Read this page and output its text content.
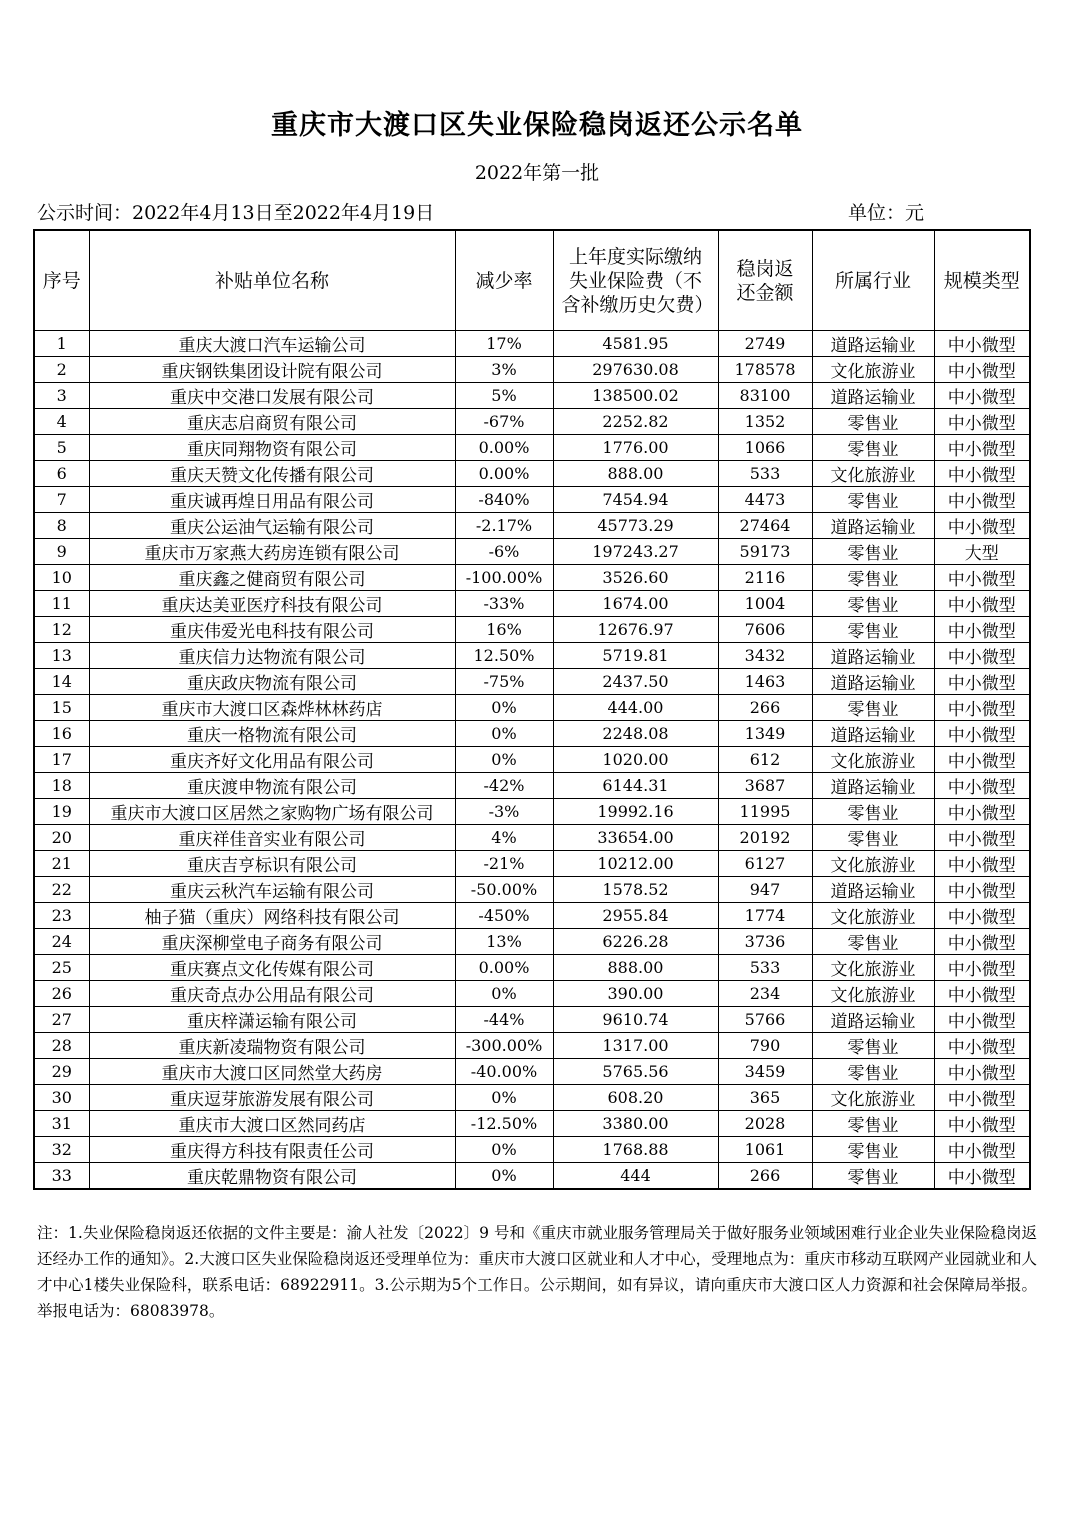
重庆市大渡口区失业保险稳岗返还公示名单
2022年第一批
公示时间：2022年4月13日至2022年4月19日	单位：元
序号	补贴单位名称	减少率	上年度实际缴纳失业保险费（不含补缴历史欠费）	稳岗返还金额	所属行业	规模类型
1	重庆大渡口汽车运输公司	17%	4581.95	2749	道路运输业	中小微型
2	重庆钢铁集团设计院有限公司	3%	297630.08	178578	文化旅游业	中小微型
3	重庆中交港口发展有限公司	5%	138500.02	83100	道路运输业	中小微型
4	重庆志启商贸有限公司	-67%	2252.82	1352	零售业	中小微型
5	重庆同翔物资有限公司	0.00%	1776.00	1066	零售业	中小微型
6	重庆天赞文化传播有限公司	0.00%	888.00	533	文化旅游业	中小微型
7	重庆诚再煌日用品有限公司	-840%	7454.94	4473	零售业	中小微型
8	重庆公运油气运输有限公司	-2.17%	45773.29	27464	道路运输业	中小微型
9	重庆市万家燕大药房连锁有限公司	-6%	197243.27	59173	零售业	大型
10	重庆鑫之健商贸有限公司	-100.00%	3526.60	2116	零售业	中小微型
11	重庆达美亚医疗科技有限公司	-33%	1674.00	1004	零售业	中小微型
12	重庆伟爱光电科技有限公司	16%	12676.97	7606	零售业	中小微型
13	重庆信力达物流有限公司	12.50%	5719.81	3432	道路运输业	中小微型
14	重庆政庆物流有限公司	-75%	2437.50	1463	道路运输业	中小微型
15	重庆市大渡口区森烨林林药店	0%	444.00	266	零售业	中小微型
16	重庆一格物流有限公司	0%	2248.08	1349	道路运输业	中小微型
17	重庆齐好文化用品有限公司	0%	1020.00	612	文化旅游业	中小微型
18	重庆渡申物流有限公司	-42%	6144.31	3687	道路运输业	中小微型
19	重庆市大渡口区居然之家购物广场有限公司	-3%	19992.16	11995	零售业	中小微型
20	重庆祥佳音实业有限公司	4%	33654.00	20192	零售业	中小微型
21	重庆吉亨标识有限公司	-21%	10212.00	6127	文化旅游业	中小微型
22	重庆云秋汽车运输有限公司	-50.00%	1578.52	947	道路运输业	中小微型
23	柚子猫（重庆）网络科技有限公司	-450%	2955.84	1774	文化旅游业	中小微型
24	重庆深柳堂电子商务有限公司	13%	6226.28	3736	零售业	中小微型
25	重庆赛点文化传媒有限公司	0.00%	888.00	533	文化旅游业	中小微型
26	重庆奇点办公用品有限公司	0%	390.00	234	文化旅游业	中小微型
27	重庆梓潇运输有限公司	-44%	9610.74	5766	道路运输业	中小微型
28	重庆新凌瑞物资有限公司	-300.00%	1317.00	790	零售业	中小微型
29	重庆市大渡口区同然堂大药房	-40.00%	5765.56	3459	零售业	中小微型
30	重庆逗芽旅游发展有限公司	0%	608.20	365	文化旅游业	中小微型
31	重庆市大渡口区然同药店	-12.50%	3380.00	2028	零售业	中小微型
32	重庆得方科技有限责任公司	0%	1768.88	1061	零售业	中小微型
33	重庆乾鼎物资有限公司	0%	444	266	零售业	中小微型
注：1.失业保险稳岗返还依据的文件主要是：渝人社发〔2022〕9 号和《重庆市就业服务管理局关于做好服务业领域困难行业企业失业保险稳岗返还经办工作的通知》。2.大渡口区失业保险稳岗返还受理单位为：重庆市大渡口区就业和人才中心，受理地点为：重庆市移动互联网产业园就业和人才中心1楼失业保险科，联系电话：68922911。3.公示期为5个工作日。公示期间，如有异议，请向重庆市大渡口区人力资源和社会保障局举报。举报电话为：68083978。
